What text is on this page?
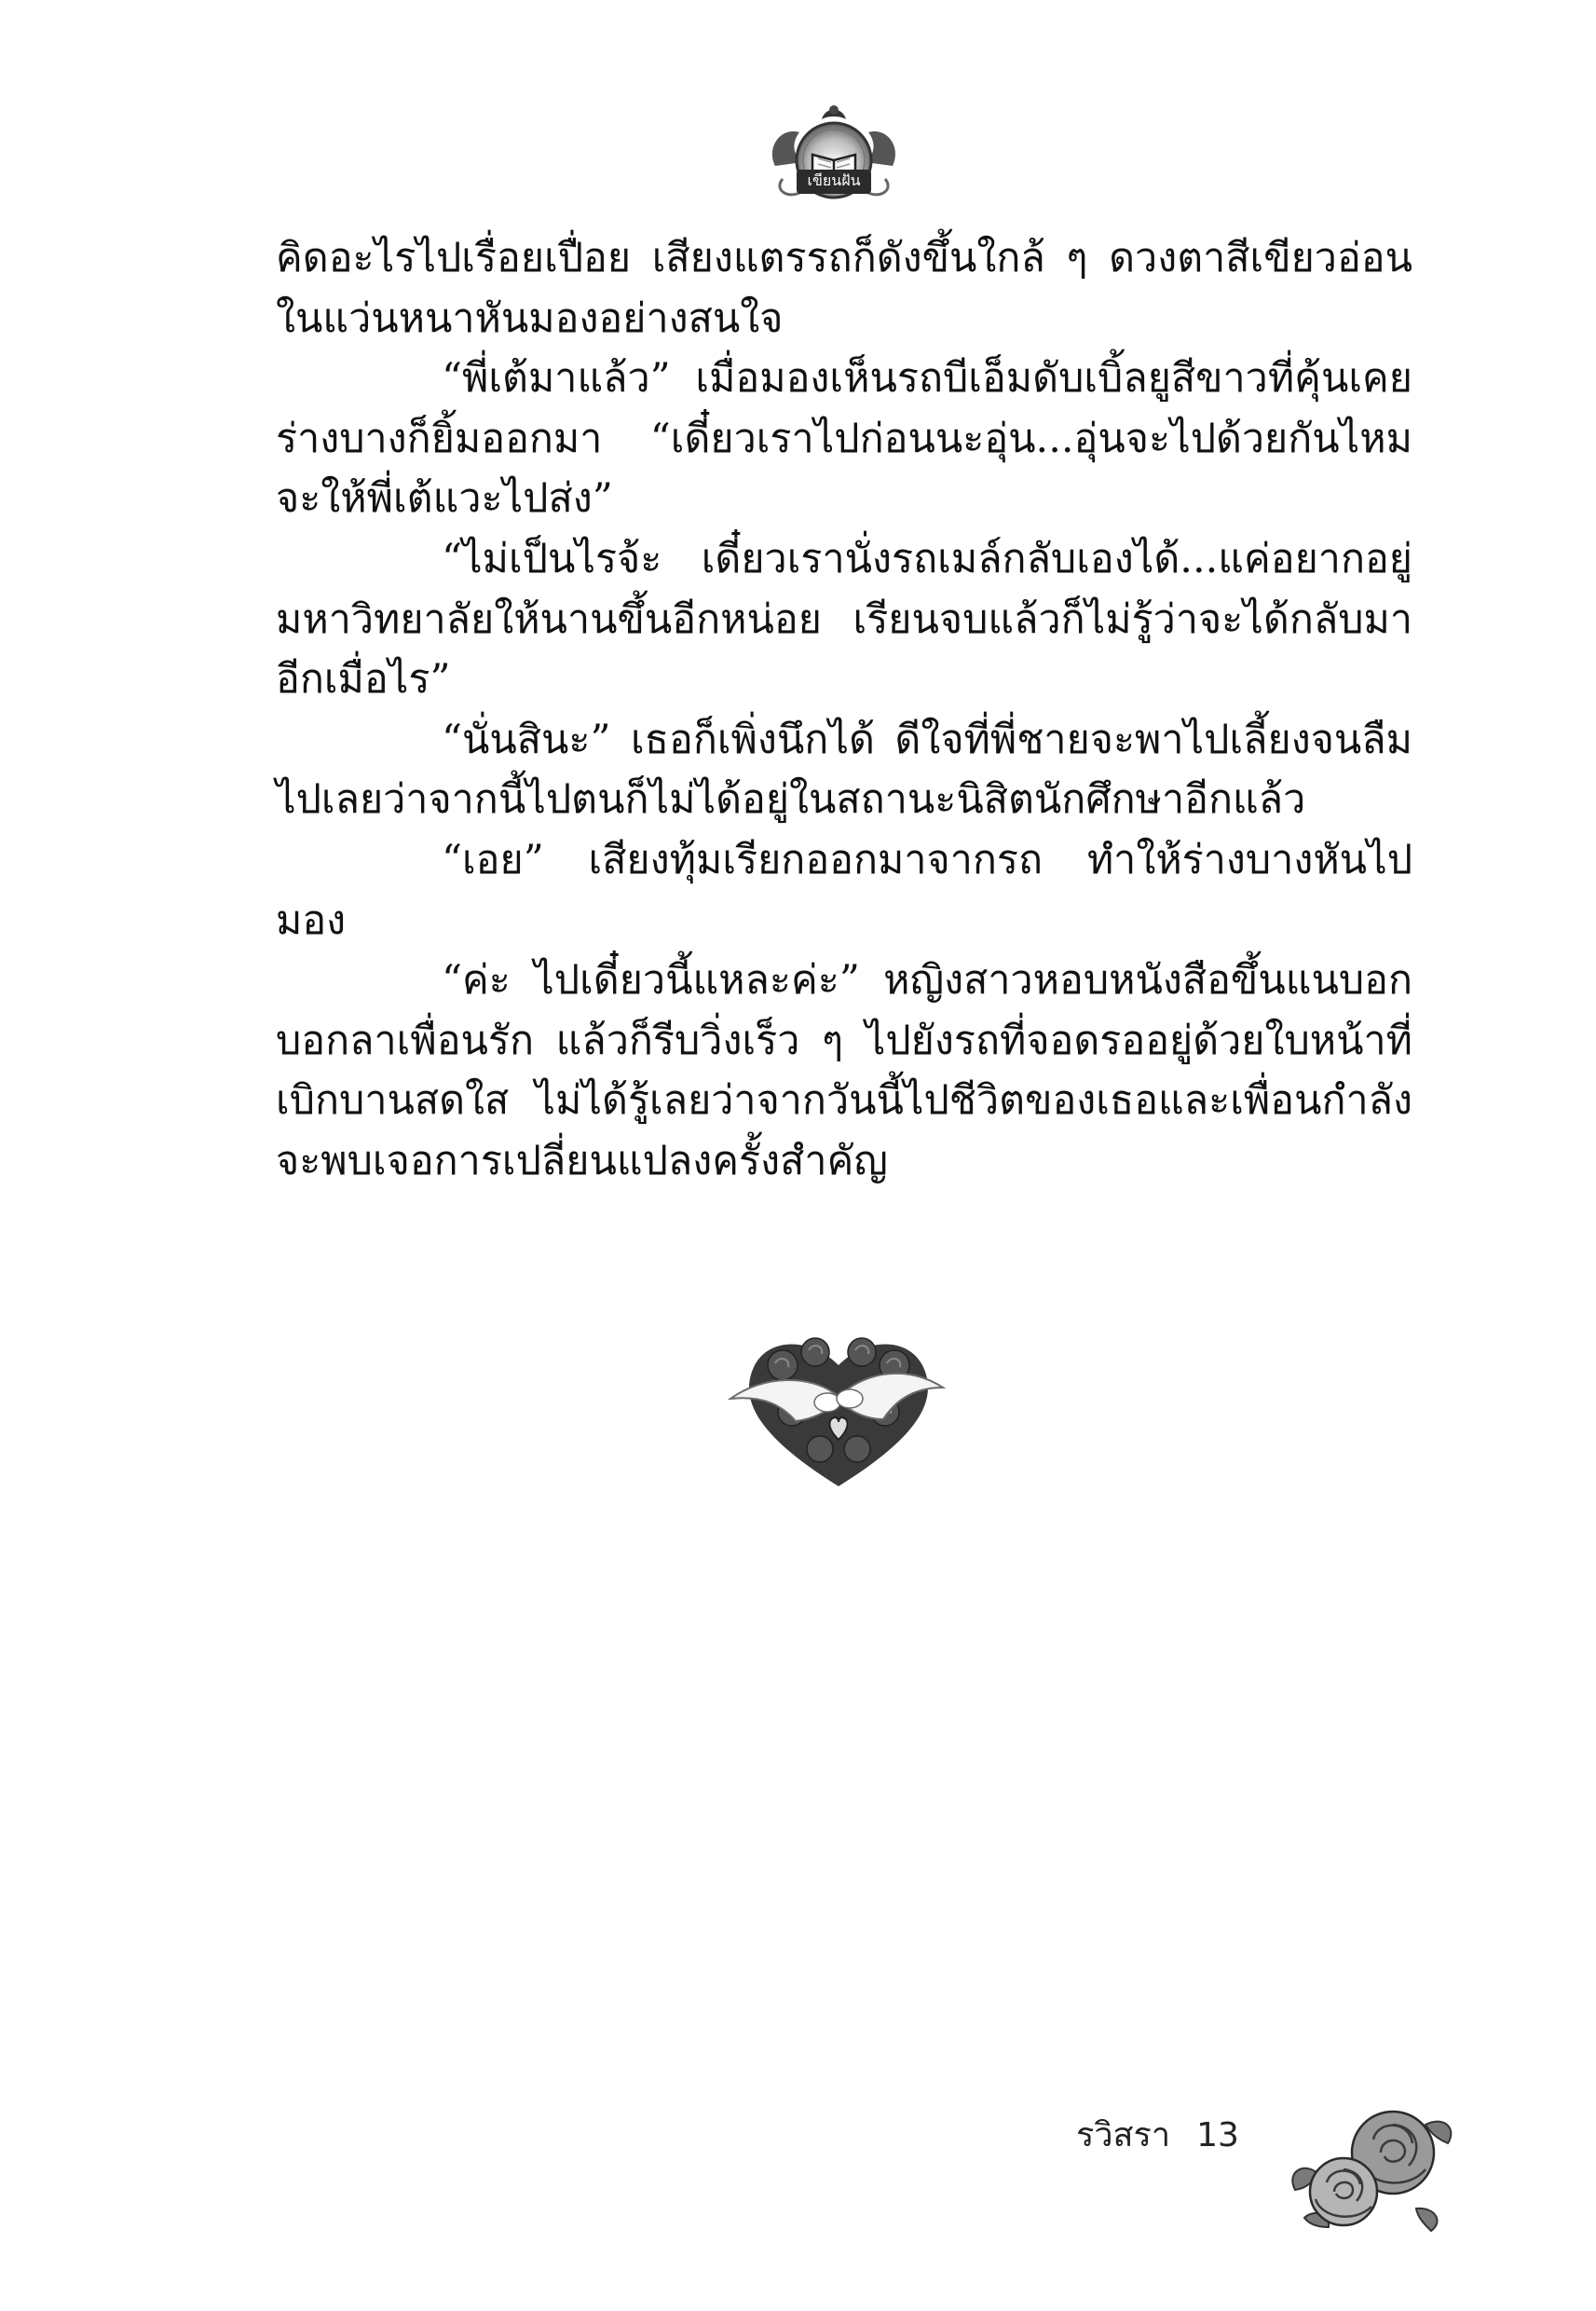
เขียนฝัน

คิดอะไรไปเรื่อยเปื่อย เสียงแตรรถก็ดังขึ้นใกล้ ๆ ดวงตาสีเขียวอ่อนในแว่นหนาหันมองอย่างสนใจ

“พี่เต้มาแล้ว” เมื่อมองเห็นรถบีเอ็มดับเบิ้ลยูสีขาวที่คุ้นเคย ร่างบางก็ยิ้มออกมา “เดี๋ยวเราไปก่อนนะอุ่น...อุ่นจะไปด้วยกันไหมจะให้พี่เต้แวะไปส่ง”

“ไม่เป็นไรจ้ะ เดี๋ยวเรานั่งรถเมล์กลับเองได้...แค่อยากอยู่มหาวิทยาลัยให้นานขึ้นอีกหน่อย เรียนจบแล้วก็ไม่รู้ว่าจะได้กลับมาอีกเมื่อไร”

“นั่นสินะ” เธอก็เพิ่งนึกได้ ดีใจที่พี่ชายจะพาไปเลี้ยงจนลืมไปเลยว่าจากนี้ไปตนก็ไม่ได้อยู่ในสถานะนิสิตนักศึกษาอีกแล้ว

“เอย” เสียงทุ้มเรียกออกมาจากรถ ทำให้ร่างบางหันไปมอง

“ค่ะ ไปเดี๋ยวนี้แหละค่ะ” หญิงสาวหอบหนังสือขึ้นแนบอกบอกลาเพื่อนรัก แล้วก็รีบวิ่งเร็ว ๆ ไปยังรถที่จอดรออยู่ด้วยใบหน้าที่เบิกบานสดใส ไม่ได้รู้เลยว่าจากวันนี้ไปชีวิตของเธอและเพื่อนกำลังจะพบเจอการเปลี่ยนแปลงครั้งสำคัญ

รวิสรา 13
